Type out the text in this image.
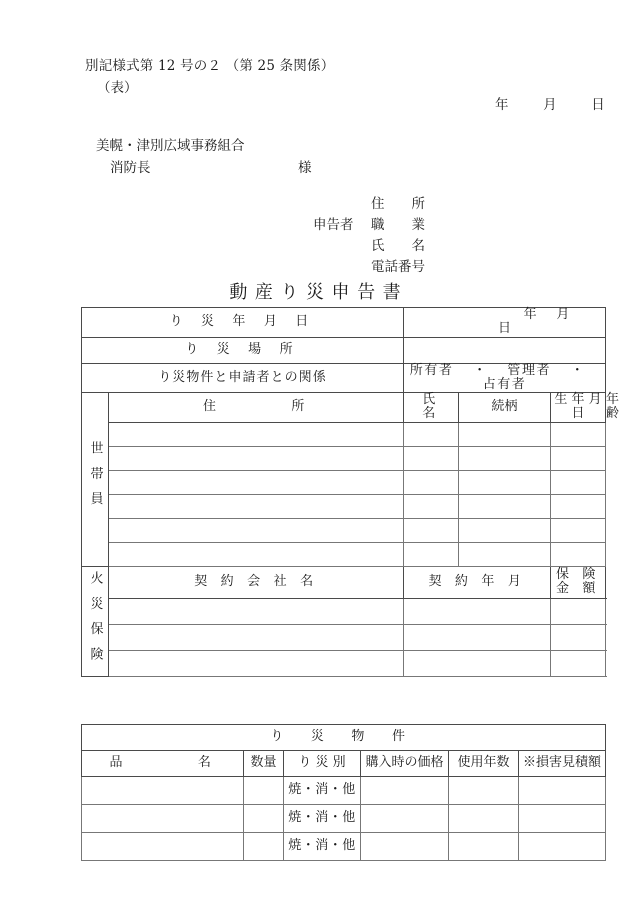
別記様式第 12 号の２ （第 25 条関係）
（表）
年	月	日
美幌・津別広域事務組合
消防長	様
申告者
住　　所
職　　業
氏　　名
電話番号
動産り災申告書
り 災 年 月 日		年 月 日			
り 災 場 所					
り災物件と申請者との関係		所有者 ・ 管理者 ・ 占有者			
世帯員	住　　　　所	氏　　　名	続柄	生 年 月 日	年齢

火災保険	契 約 会 社 名	契 約 年 月		保 険 金 額	

り 災 物 件					
品　　　　名	数量	り 災 別	購入時の価格	使用年数	※損害見積額
		焼・消・他			
		焼・消・他			
		焼・消・他			
